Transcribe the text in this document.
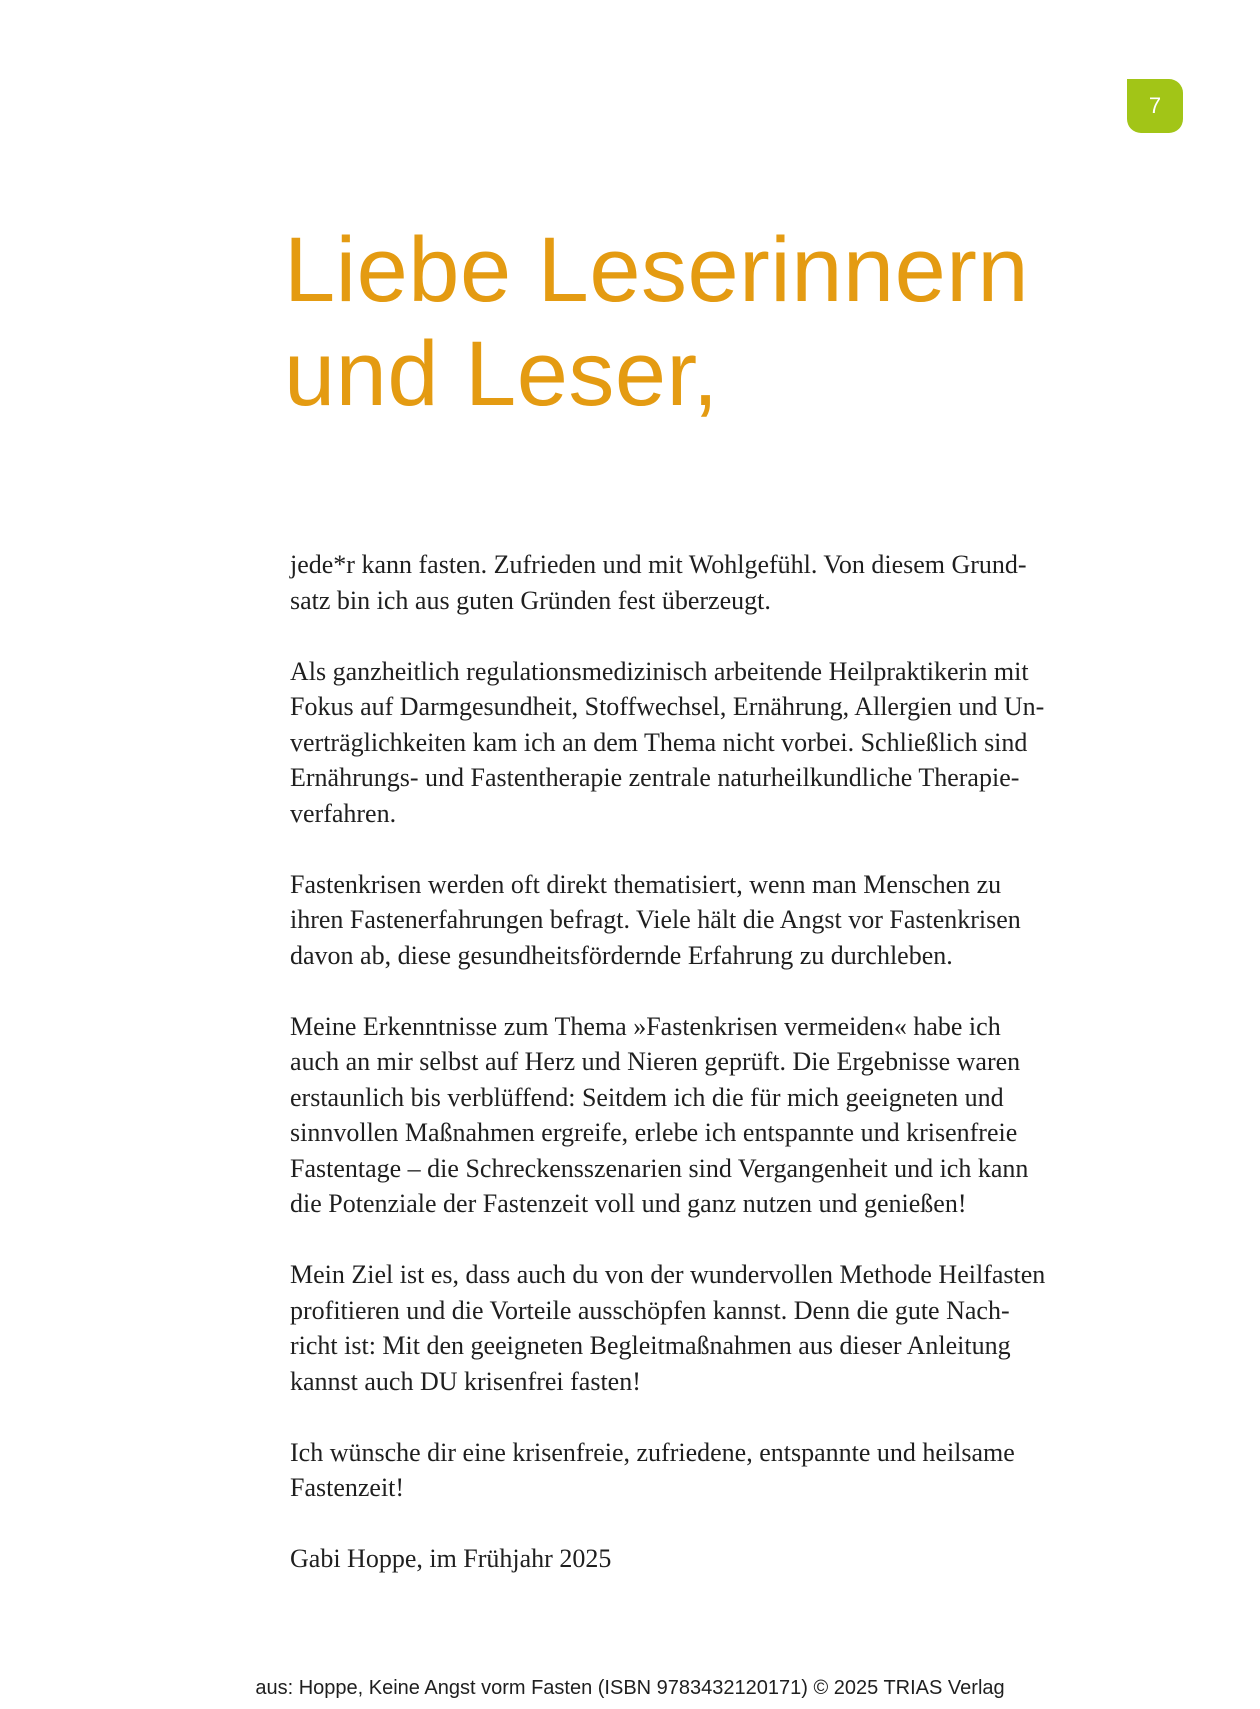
7
Liebe Leserinnern
und Leser,

jede*r kann fasten. Zufrieden und mit Wohlgefühl. Von diesem Grund-
satz bin ich aus guten Gründen fest überzeugt.

Als ganzheitlich regulationsmedizinisch arbeitende Heilpraktikerin mit
Fokus auf Darmgesundheit, Stoffwechsel, Ernährung, Allergien und Un-
verträglichkeiten kam ich an dem Thema nicht vorbei. Schließlich sind
Ernährungs- und Fastentherapie zentrale naturheilkundliche Therapie-
verfahren.

Fastenkrisen werden oft direkt thematisiert, wenn man Menschen zu
ihren Fastenerfahrungen befragt. Viele hält die Angst vor Fastenkrisen
davon ab, diese gesundheitsfördernde Erfahrung zu durchleben.

Meine Erkenntnisse zum Thema »Fastenkrisen vermeiden« habe ich
auch an mir selbst auf Herz und Nieren geprüft. Die Ergebnisse waren
erstaunlich bis verblüffend: Seitdem ich die für mich geeigneten und
sinnvollen Maßnahmen ergreife, erlebe ich entspannte und krisenfreie
Fastentage – die Schreckensszenarien sind Vergangenheit und ich kann
die Potenziale der Fastenzeit voll und ganz nutzen und genießen!

Mein Ziel ist es, dass auch du von der wundervollen Methode Heilfasten
profitieren und die Vorteile ausschöpfen kannst. Denn die gute Nach-
richt ist: Mit den geeigneten Begleitmaßnahmen aus dieser Anleitung
kannst auch DU krisenfrei fasten!

Ich wünsche dir eine krisenfreie, zufriedene, entspannte und heilsame
Fastenzeit!

Gabi Hoppe, im Frühjahr 2025

aus: Hoppe, Keine Angst vorm Fasten (ISBN 9783432120171) © 2025 TRIAS Verlag
